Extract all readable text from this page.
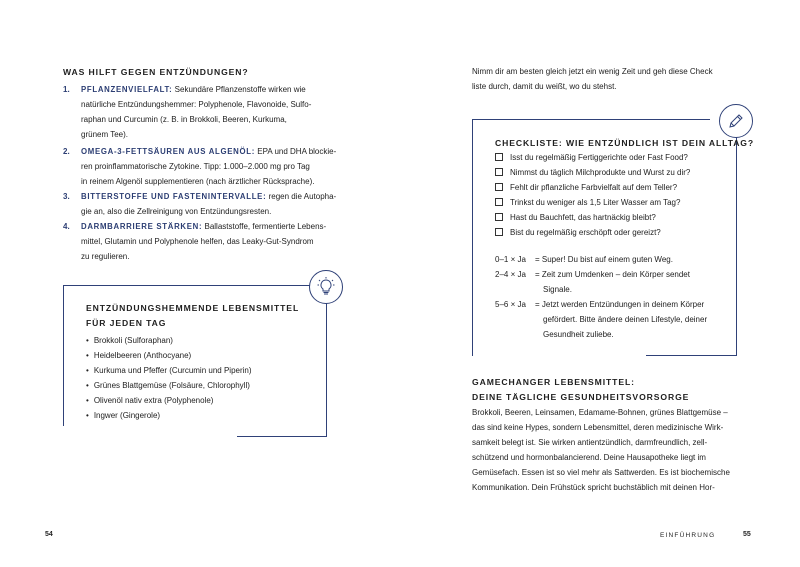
WAS HILFT GEGEN ENTZÜNDUNGEN?
1. PFLANZENVIELFALT: Sekundäre Pflanzenstoffe wirken wie
natürliche Entzündungshemmer: Polyphenole, Flavonoide, Sulfo-
raphan und Curcumin (z. B. in Brokkoli, Beeren, Kurkuma,
grünem Tee).
2. OMEGA-3-FETTSÄUREN AUS ALGENÖL: EPA und DHA blockie-
ren proinflammatorische Zytokine. Tipp: 1.000–2.000 mg pro Tag
in reinem Algenöl supplementieren (nach ärztlicher Rücksprache).
3. BITTERSTOFFE UND FASTENINTERVALLE: regen die Autopha-
gie an, also die Zellreinigung von Entzündungsresten.
4. DARMBARRIERE STÄRKEN: Ballaststoffe, fermentierte Lebens-
mittel, Glutamin und Polyphenole helfen, das Leaky-Gut-Syndrom
zu regulieren.
ENTZÜNDUNGSHEMMENDE LEBENSMITTEL
FÜR JEDEN TAG
• Brokkoli (Sulforaphan)
• Heidelbeeren (Anthocyane)
• Kurkuma und Pfeffer (Curcumin und Piperin)
• Grünes Blattgemüse (Folsäure, Chlorophyll)
• Olivenöl nativ extra (Polyphenole)
• Ingwer (Gingerole)
54
Nimm dir am besten gleich jetzt ein wenig Zeit und geh diese Check
liste durch, damit du weißt, wo du stehst.
CHECKLISTE: WIE ENTZÜNDLICH IST DEIN ALLTAG?
Isst du regelmäßig Fertiggerichte oder Fast Food?
Nimmst du täglich Milchprodukte und Wurst zu dir?
Fehlt dir pflanzliche Farbvielfalt auf dem Teller?
Trinkst du weniger als 1,5 Liter Wasser am Tag?
Hast du Bauchfett, das hartnäckig bleibt?
Bist du regelmäßig erschöpft oder gereizt?
0–1 × Ja = Super! Du bist auf einem guten Weg.
2–4 × Ja = Zeit zum Umdenken – dein Körper sendet
Signale.
5–6 × Ja = Jetzt werden Entzündungen in deinem Körper
gefördert. Bitte ändere deinen Lifestyle, deiner
Gesundheit zuliebe.
GAMECHANGER LEBENSMITTEL:
DEINE TÄGLICHE GESUNDHEITSVORSORGE
Brokkoli, Beeren, Leinsamen, Edamame-Bohnen, grünes Blattgemüse –
das sind keine Hypes, sondern Lebensmittel, deren medizinische Wirk-
samkeit belegt ist. Sie wirken antientzündlich, darmfreundlich, zell-
schützend und hormonbalancierend. Deine Hausapotheke liegt im
Gemüsefach. Essen ist so viel mehr als Sattwerden. Es ist biochemische
Kommunikation. Dein Frühstück spricht buchstäblich mit deinen Hor-
EINFÜHRUNG	55
